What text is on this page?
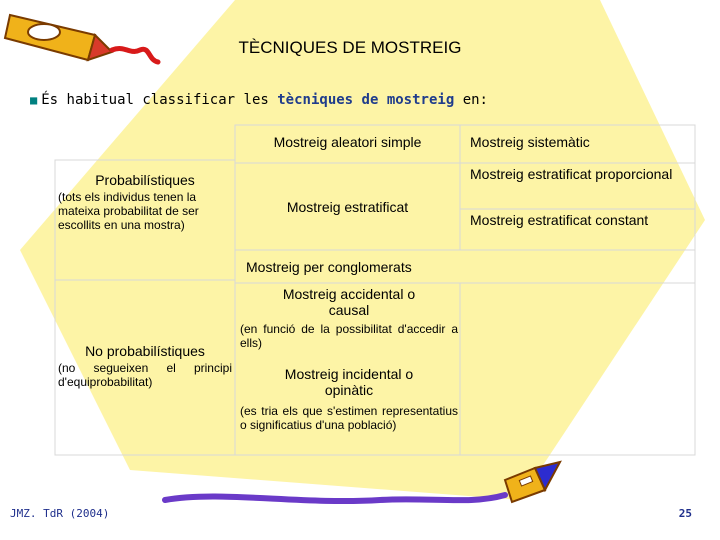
TÈCNIQUES DE MOSTREIG
■ És habitual classificar les tècniques de mostreig en:
Probabilístiques
(tots els individus tenen la mateixa probabilitat de ser escollits en una mostra)
No probabilístiques
(no segueixen el principi d'equiprobabilitat)
Mostreig aleatori simple
Mostreig estratificat
Mostreig per conglomerats
Mostreig accidental o causal
(en funció de la possibilitat d'accedir a ells)
Mostreig incidental o opinàtic
(es tria els que s'estimen representatius o significatius d'una població)
Mostreig sistemàtic
Mostreig estratificat proporcional
Mostreig estratificat constant
JMZ. TdR (2004)	25
